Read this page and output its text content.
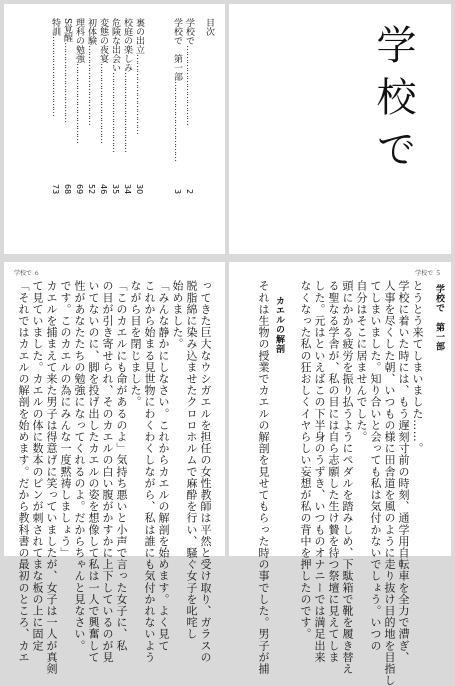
目次
学校で…………………………
2
学校で　第一部…………………………
3
裏の出立…………………………
30
校庭の楽しみ…………………………
34
危険な出会い…………………………
35
変態の夜宴…………………………
46
初体験…………………………
52
理科の勉強…………………………
69
S覚醒…………………………
68
特訓…………………………
73
学校で
学校で ６
ってきた巨大なウシガエルを担任の女性教師は平然と受け取り、ガラスの
脱脂綿に染み込ませたクロロホルムで麻酔を行い、騒ぐ女子を叱咤し
始めました。
「みんな静かにしなさい。これからカエルの解剖を始めます。よく見て
これから始まる見世物にわくわくしながら、私は誰にも気付かれないよう
ながら目を閉じました。
「このカエルにも命があるのよ」気持ち悪いと小声で言った女子に、私
の目が引き寄せられ、そのカエルの白い腹がかすかに上下しているのが見
いてないのに、脚を投げ出したカエルの姿を想像して私は一人で興奮して
性があなたたちの勉強になってくれるのよ。だからちゃんと見なさい。
です。このカエルの為にみんな一度黙祷しましょう」
カエルを捕まえて来た男子は得意げに笑っていましたが、女子は一人が真剣
て見ていました。カエルの体に数本のピンが刺されてまな板の上に固定
「それではカエルの解剖を始めます。だから教科書の最初のところ、カエ
学校で ５
学校で　第一部
とうとう来てしまいました……。
学校に着いた時には、もう遅刻寸前の時刻、通学用自転車を全力で漕ぎ、
人事を尽くした朝、いつもの様に田舎道を風のように走り抜け目的地を目指し
てしまいました。知り合いと会っても私は気付かないでしょう。いつの
自分はそこに居ませんでした。
頭にかかる疲労を振り払うようにペダルを踏みしめ、下駄箱で靴を履き替え
る聖なる学舎が、私の目には自ら志願した生け贄を待つ祭壇に見えてしま
した。元はといえばこの下半身のうずき、いつものオナニーでは満足出来
なくなった私の狂おしくイヤらしい妄想が私の背中を押したのです。
カエルの解剖
それは生物の授業でカエルの解剖を見せてもらった時の事でした。男子が捕
